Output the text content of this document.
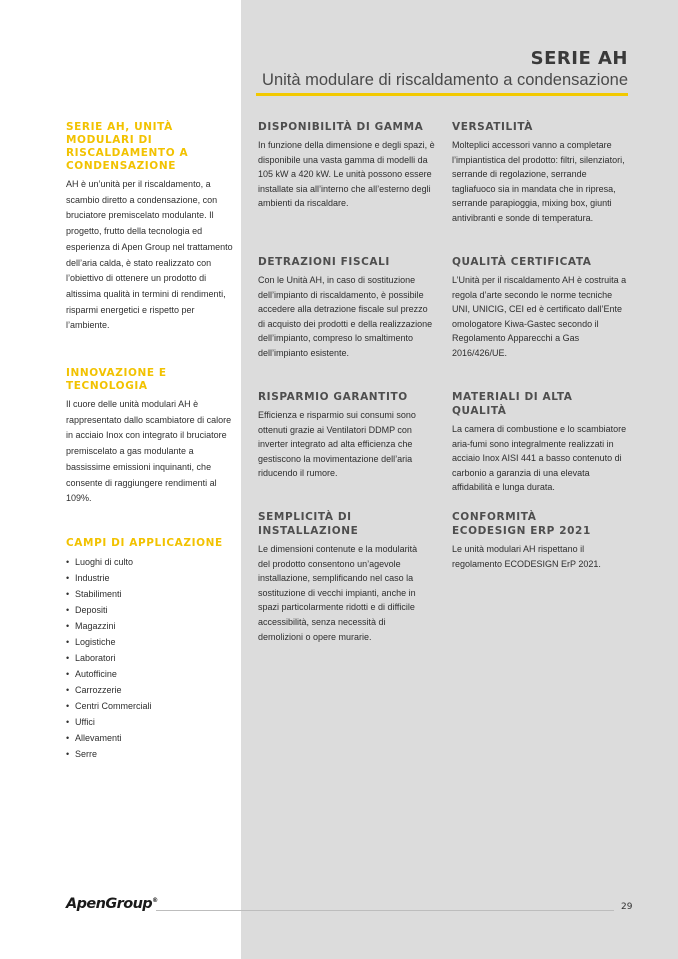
SERIE AH
Unità modulare di riscaldamento a condensazione
SERIE AH, UNITÀ MODULARI DI RISCALDAMENTO A CONDENSAZIONE
AH è un’unità per il riscaldamento, a scambio diretto a condensazione, con bruciatore premiscelato modulante. Il progetto, frutto della tecnologia ed esperienza di Apen Group nel trattamento dell’aria calda, è stato realizzato con l’obiettivo di ottenere un prodotto di altissima qualità in termini di rendimenti, risparmi energetici e rispetto per l’ambiente.
INNOVAZIONE E TECNOLOGIA
Il cuore delle unità modulari AH è rappresentato dallo scambiatore di calore in acciaio Inox con integrato il bruciatore premiscelato a gas modulante a bassissime emissioni inquinanti, che consente di raggiungere rendimenti al 109%.
CAMPI DI APPLICAZIONE
• Luoghi di culto
• Industrie
• Stabilimenti
• Depositi
• Magazzini
• Logistiche
• Laboratori
• Autofficine
• Carrozzerie
• Centri Commerciali
• Uffici
• Allevamenti
• Serre
DISPONIBILITÀ DI GAMMA
In funzione della dimensione e degli spazi, è disponibile una vasta gamma di modelli da 105 kW a 420 kW. Le unità possono essere installate sia all’interno che all’esterno degli ambienti da riscaldare.
VERSATILITÀ
Molteplici accessori vanno a completare l’impiantistica del prodotto: filtri, silenziatori, serrande di regolazione, serrande tagliafuoco sia in mandata che in ripresa, serrande parapioggia, mixing box, giunti antivibranti e sonde di temperatura.
DETRAZIONI FISCALI
Con le Unità AH, in caso di sostituzione dell’impianto di riscaldamento, è possibile accedere alla detrazione fiscale sul prezzo di acquisto dei prodotti e della realizzazione dell’impianto, compreso lo smaltimento dell’impianto esistente.
QUALITÀ CERTIFICATA
L’Unità per il riscaldamento AH è costruita a regola d’arte secondo le norme tecniche UNI, UNICIG, CEI ed è certificato dall’Ente omologatore Kiwa-Gastec secondo il Regolamento Apparecchi a Gas 2016/426/UE.
RISPARMIO GARANTITO
Efficienza e risparmio sui consumi sono ottenuti grazie ai Ventilatori DDMP con inverter integrato ad alta efficienza che gestiscono la movimentazione dell’aria riducendo il rumore.
MATERIALI DI ALTA QUALITÀ
La camera di combustione e lo scambiatore aria-fumi sono integralmente realizzati in acciaio Inox AISI 441 a basso contenuto di carbonio a garanzia di una elevata affidabilità e lunga durata.
SEMPLICITÀ DI INSTALLAZIONE
Le dimensioni contenute e la modularità del prodotto consentono un’agevole installazione, semplificando nel caso la sostituzione di vecchi impianti, anche in spazi particolarmente ridotti e di difficile accessibilità, senza necessità di demolizioni o opere murarie.
CONFORMITÀ ECODESIGN ERP 2021
Le unità modulari AH rispettano il regolamento ECODESIGN ErP 2021.
ApenGroup®
29
